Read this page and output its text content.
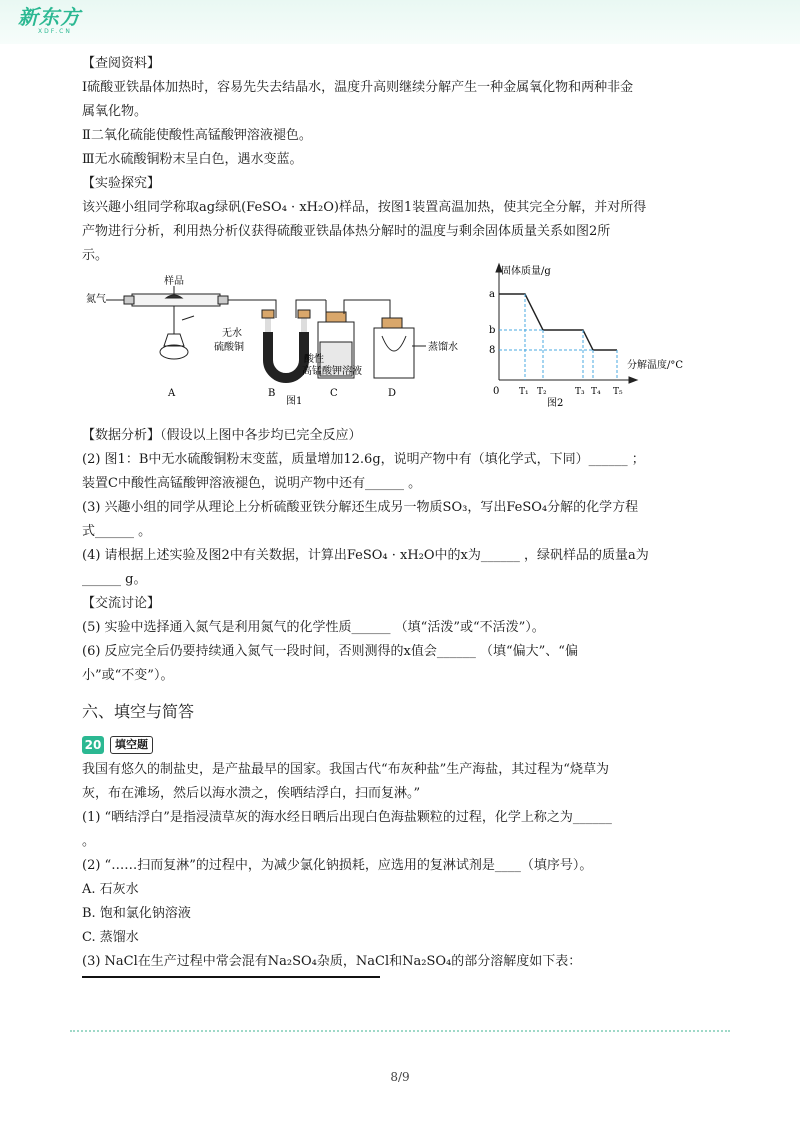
新东方
XDF.CN

【查阅资料】

Ⅰ硫酸亚铁晶体加热时，容易先失去结晶水，温度升高则继续分解产生一种金属氧化物和两种非金

属氧化物。

Ⅱ二氧化硫能使酸性高锰酸钾溶液褪色。

Ⅲ无水硫酸铜粉末呈白色，遇水变蓝。

【实验探究】

该兴趣小组同学称取ag绿矾(FeSO₄ · xH₂O)样品，按图1装置高温加热，使其完全分解，并对所得

产物进行分析，利用热分析仪获得硫酸亚铁晶体热分解时的温度与剩余固体质量关系如图2所

示。

氮气
样品
无水
硫酸铜
酸性
高锰酸钾溶液
蒸馏水
A	B	C	D
图1
固体质量/g
分解温度/°C
a
b
8
0 T₁ T₂	T₃ T₄ T₅
图2

【数据分析】（假设以上图中各步均已完全反应）

(2) 图1：B中无水硫酸铜粉末变蓝，质量增加12.6g，说明产物中有（填化学式，下同）______ ；

装置C中酸性高锰酸钾溶液褪色，说明产物中还有______ 。

(3) 兴趣小组的同学从理论上分析硫酸亚铁分解还生成另一物质SO₃，写出FeSO₄分解的化学方程

式______ 。

(4) 请根据上述实验及图2中有关数据，计算出FeSO₄ · xH₂O中的x为______ ，绿矾样品的质量a为

______ g。

【交流讨论】

(5) 实验中选择通入氮气是利用氮气的化学性质______ （填“活泼”或“不活泼”）。

(6) 反应完全后仍要持续通入氮气一段时间，否则测得的x值会______ （填“偏大”、“偏

小”或“不变”）。

六、填空与简答
20	填空题

我国有悠久的制盐史，是产盐最早的国家。我国古代“布灰种盐”生产海盐，其过程为“烧草为

灰，布在滩场，然后以海水溃之，俟晒结浮白，扫而复淋。”

(1) “晒结浮白”是指浸渍草灰的海水经日晒后出现白色海盐颗粒的过程，化学上称之为______

。

(2) “……扫而复淋”的过程中，为减少氯化钠损耗，应选用的复淋试剂是____（填序号）。

A. 石灰水

B. 饱和氯化钠溶液

C. 蒸馏水

(3) NaCl在生产过程中常会混有Na₂SO₄杂质，NaCl和Na₂SO₄的部分溶解度如下表：

8/9
